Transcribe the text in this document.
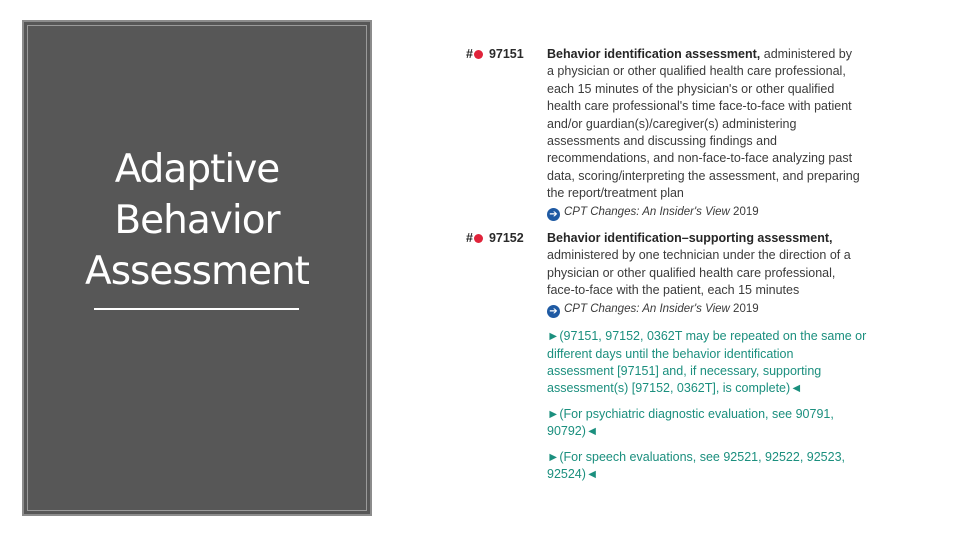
Adaptive
Behavior
Assessment
# 97151 Behavior identification assessment, administered by
a physician or other qualified health care professional,
each 15 minutes of the physician's or other qualified
health care professional's time face-to-face with patient
and/or guardian(s)/caregiver(s) administering
assessments and discussing findings and
recommendations, and non-face-to-face analyzing past
data, scoring/interpreting the assessment, and preparing
the report/treatment plan
➔ CPT Changes: An Insider's View 2019
# 97152 Behavior identification–supporting assessment,
administered by one technician under the direction of a
physician or other qualified health care professional,
face-to-face with the patient, each 15 minutes
➔ CPT Changes: An Insider's View 2019
►(97151, 97152, 0362T may be repeated on the same or
different days until the behavior identification
assessment [97151] and, if necessary, supporting
assessment(s) [97152, 0362T], is complete)◄
►(For psychiatric diagnostic evaluation, see 90791,
90792)◄
►(For speech evaluations, see 92521, 92522, 92523,
92524)◄
